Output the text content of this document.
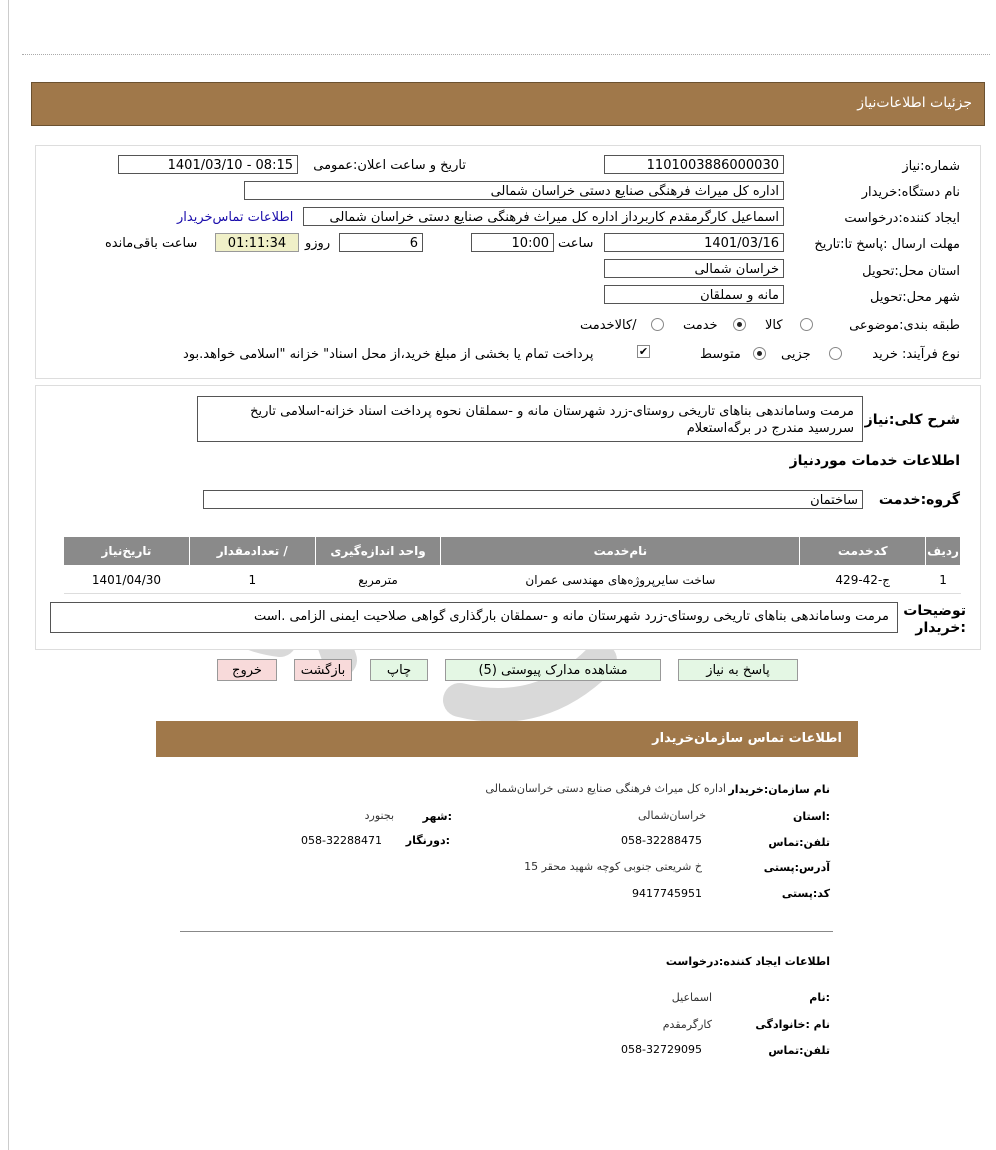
جزئيات اطلاعات‌نياز
شماره:نیاز
1101003886000030
تاریخ و ساعت اعلان:عمومی
1401/03/10 - 08:15
نام دستگاه:خریدار
اداره کل میراث فرهنگی صنایع دستی خراسان شمالی
ایجاد کننده:درخواست
اسماعیل کارگرمقدم کاربرداز اداره کل میراث فرهنگی صنایع دستی خراسان شمالی
اطلاعات تماس‌خریدار
مهلت ارسال :پاسخ تا:تاریخ
1401/03/16
ساعت
10:00
6
روزو
01:11:34
ساعت باقی‌مانده
استان محل:تحویل
خراسان شمالی
شهر محل:تحویل
مانه و سملقان
طبقه بندی:موضوعی
کالا
خدمت
/کالاخدمت
نوع فرآیند: خرید
جزیی
متوسط
✔
پرداخت تمام یا بخشی از مبلغ خرید،از محل اسناد" خزانه "اسلامی خواهد.بود
شرح کلی:نیاز
مرمت وساماندهی بناهای تاریخی روستای-زرد شهرستان مانه و -سملقان نحوه پرداخت اسناد خزانه-اسلامی تاریخ سررسید مندرج در برگه‌استعلام
اطلاعات خدمات موردنیاز
گروه:خدمت
ساختمان
ردیف	کدخدمت	نام‌خدمت	واحد اندازه‌گیری	/ تعدادمقدار	تاریخ‌نیاز
1	ج-42-429	ساخت سایرپروژه‌های مهندسی عمران	مترمربع	1	1401/04/30
توضیحات :خریدار
مرمت وساماندهی بناهای تاریخی روستای-زرد شهرستان مانه و -سملقان بارگذاری گواهی صلاحیت ایمنی الزامی .است
پاسخ به نیاز
مشاهده مدارک پیوستی (5)
چاپ
بازگشت
خروج
اطلاعات تماس سازمان‌خریدار
نام سازمان:خریدار
اداره کل میراث فرهنگی صنایع دستی خراسان‌شمالی
:استان
خراسان‌شمالی
:شهر
بجنورد
تلفن:تماس
058-32288475
:دورنگار
058-32288471
آدرس:پستی
خ شریعتی جنوبی کوچه شهید محقر 15
کد:پستی
9417745951
اطلاعات ایجاد کننده:درخواست
:نام
اسماعیل
نام :خانوادگی
کارگرمقدم
تلفن:تماس
058-32729095
